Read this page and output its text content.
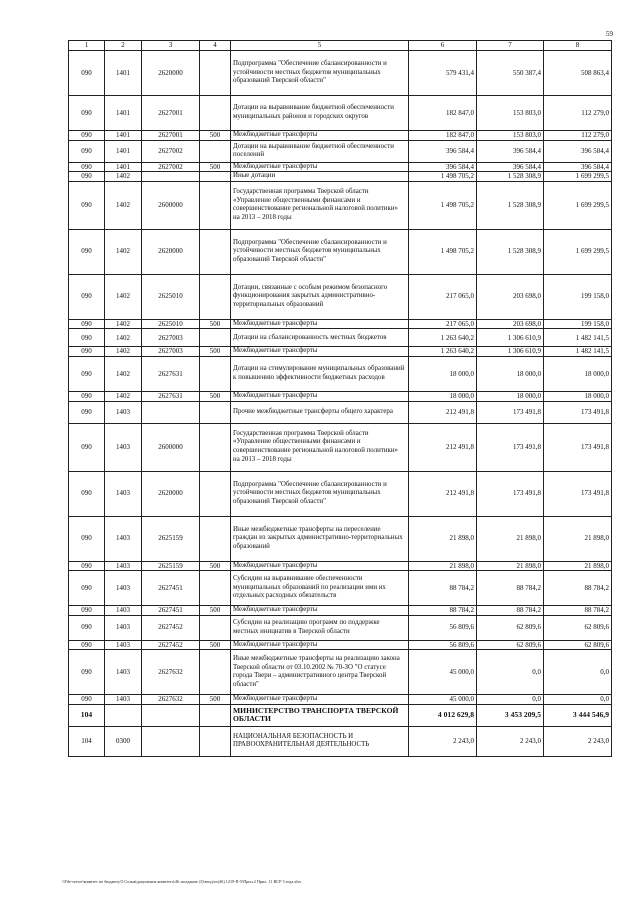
59
1	2	3	4	5	6	7	8
090	1401	2620000		Подпрограмма "Обеспечение сбалансированности и устойчивости местных бюджетов муниципальных образований Тверской области"	579 431,4	550 387,4	508 863,4
090	1401	2627001		Дотации на выравнивание бюджетной обеспеченности муниципальных районов и городских округов	182 847,0	153 803,0	112 279,0
090	1401	2627001	500	Межбюджетные трансферты	182 847,0	153 803,0	112 279,0
090	1401	2627002		Дотации на выравнивание бюджетной обеспеченности поселений	396 584,4	396 584,4	396 584,4
090	1401	2627002	500	Межбюджетные трансферты	396 584,4	396 584,4	396 584,4
090	1402			Иные дотации	1 498 705,2	1 528 308,9	1 699 299,5
090	1402	2600000		Государственная программа Тверской области «Управление общественными финансами и совершенствование региональной налоговой политики» на 2013 – 2018 годы	1 498 705,2	1 528 308,9	1 699 299,5
090	1402	2620000		Подпрограмма "Обеспечение сбалансированности и устойчивости местных бюджетов муниципальных образований Тверской области"	1 498 705,2	1 528 308,9	1 699 299,5
090	1402	2625010		Дотации, связанные с особым режимом безопасного функционирования закрытых административно-территориальных образований	217 065,0	203 698,0	199 158,0
090	1402	2625010	500	Межбюджетные трансферты	217 065,0	203 698,0	199 158,0
090	1402	2627003		Дотации на сбалансированность местных бюджетов	1 263 640,2	1 306 610,9	1 482 141,5
090	1402	2627003	500	Межбюджетные трансферты	1 263 640,2	1 306 610,9	1 482 141,5
090	1402	2627631		Дотации на стимулирование муниципальных образований к повышению эффективности бюджетных расходов	18 000,0	18 000,0	18 000,0
090	1402	2627631	500	Межбюджетные трансферты	18 000,0	18 000,0	18 000,0
090	1403			Прочие межбюджетные трансферты общего характера	212 491,8	173 491,8	173 491,8
090	1403	2600000		Государственная программа Тверской области «Управление общественными финансами и совершенствование региональной налоговой политики» на 2013 – 2018 годы	212 491,8	173 491,8	173 491,8
090	1403	2620000		Подпрограмма "Обеспечение сбалансированности и устойчивости местных бюджетов муниципальных образований Тверской области"	212 491,8	173 491,8	173 491,8
090	1403	2625159		Иные межбюджетные трансферты на переселение граждан из закрытых административно-территориальных образований	21 898,0	21 898,0	21 898,0
090	1403	2625159	500	Межбюджетные трансферты	21 898,0	21 898,0	21 898,0
090	1403	2627451		Субсидии на выравнивание обеспеченности муниципальных образований по реализации ими их отдельных расходных обязательств	88 784,2	88 784,2	88 784,2
090	1403	2627451	500	Межбюджетные трансферты	88 784,2	88 784,2	88 784,2
090	1403	2627452		Субсидии на реализацию программ по поддержке местных инициатив в Тверской области	56 809,6	62 809,6	62 809,6
090	1403	2627452	500	Межбюджетные трансферты	56 809,6	62 809,6	62 809,6
090	1403	2627632		Иные межбюджетные трансферты на реализацию закона Тверской области от 03.10.2002 № 70-ЗО "О статусе города Твери – административного центра Тверской области"	45 000,0	0,0	0,0
090	1403	2627632	500	Межбюджетные трансферты	45 000,0	0,0	0,0
104				МИНИСТЕРСТВО ТРАНСПОРТА ТВЕРСКОЙ ОБЛАСТИ	4 012 629,8	3 453 209,5	3 444 546,9
104	0300			НАЦИОНАЛЬНАЯ БЕЗОПАСНОСТЬ И ПРАВООХРАНИТЕЛЬНАЯ ДЕЯТЕЛЬНОСТЬ	2 243,0	2 243,0	2 243,0
\\File-server\комитет по бюджету\5 Созыв\документы комитета\46 заседание (3)\вход\от(46) 1219-П-5\Прил.2 Прил. 11 ВСР 3 года.xlsx
